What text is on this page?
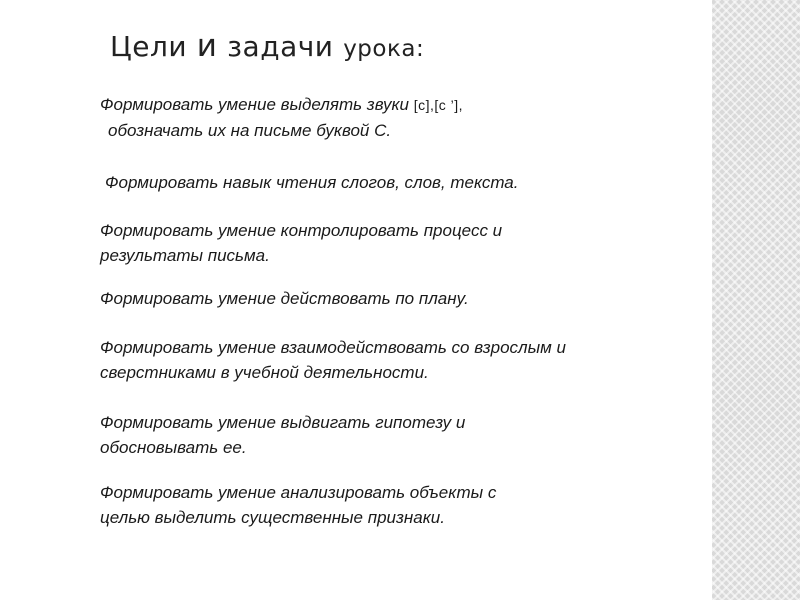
Цели и задачи урока:
Формировать умение выделять звуки [с],[с ’],
обозначать их на письме буквой С.
Формировать навык чтения слогов, слов, текста.
Формировать умение контролировать процесс и
результаты письма.
Формировать умение действовать по плану.
Формировать умение взаимодействовать со взрослым и
сверстниками в учебной деятельности.
Формировать умение выдвигать гипотезу и
обосновывать ее.
Формировать умение анализировать объекты с
целью выделить существенные признаки.
